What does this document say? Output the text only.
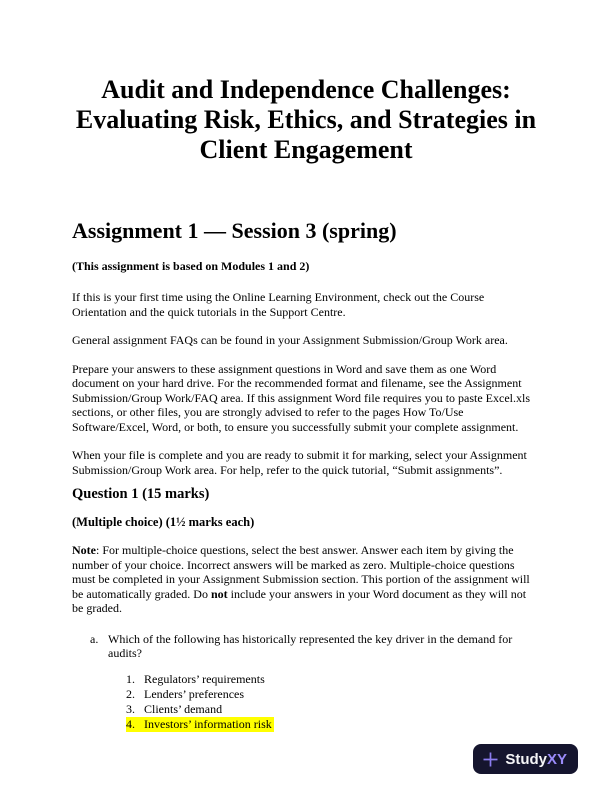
Audit and Independence Challenges:
Evaluating Risk, Ethics, and Strategies in
Client Engagement
Assignment 1 — Session 3 (spring)
(This assignment is based on Modules 1 and 2)

If this is your first time using the Online Learning Environment, check out the Course Orientation and the quick tutorials in the Support Centre.

General assignment FAQs can be found in your Assignment Submission/Group Work area.

Prepare your answers to these assignment questions in Word and save them as one Word document on your hard drive. For the recommended format and filename, see the Assignment Submission/Group Work/FAQ area. If this assignment Word file requires you to paste Excel.xls sections, or other files, you are strongly advised to refer to the pages How To/Use Software/Excel, Word, or both, to ensure you successfully submit your complete assignment.

When your file is complete and you are ready to submit it for marking, select your Assignment Submission/Group Work area. For help, refer to the quick tutorial, “Submit assignments”.

Question 1 (15 marks)
(Multiple choice) (1½ marks each)

Note: For multiple-choice questions, select the best answer. Answer each item by giving the number of your choice. Incorrect answers will be marked as zero. Multiple-choice questions must be completed in your Assignment Submission section. This portion of the assignment will be automatically graded. Do not include your answers in your Word document as they will not be graded.

a. Which of the following has historically represented the key driver in the demand for audits?
1. Regulators’ requirements
2. Lenders’ preferences
3. Clients’ demand
4. Investors’ information risk
StudyXY
